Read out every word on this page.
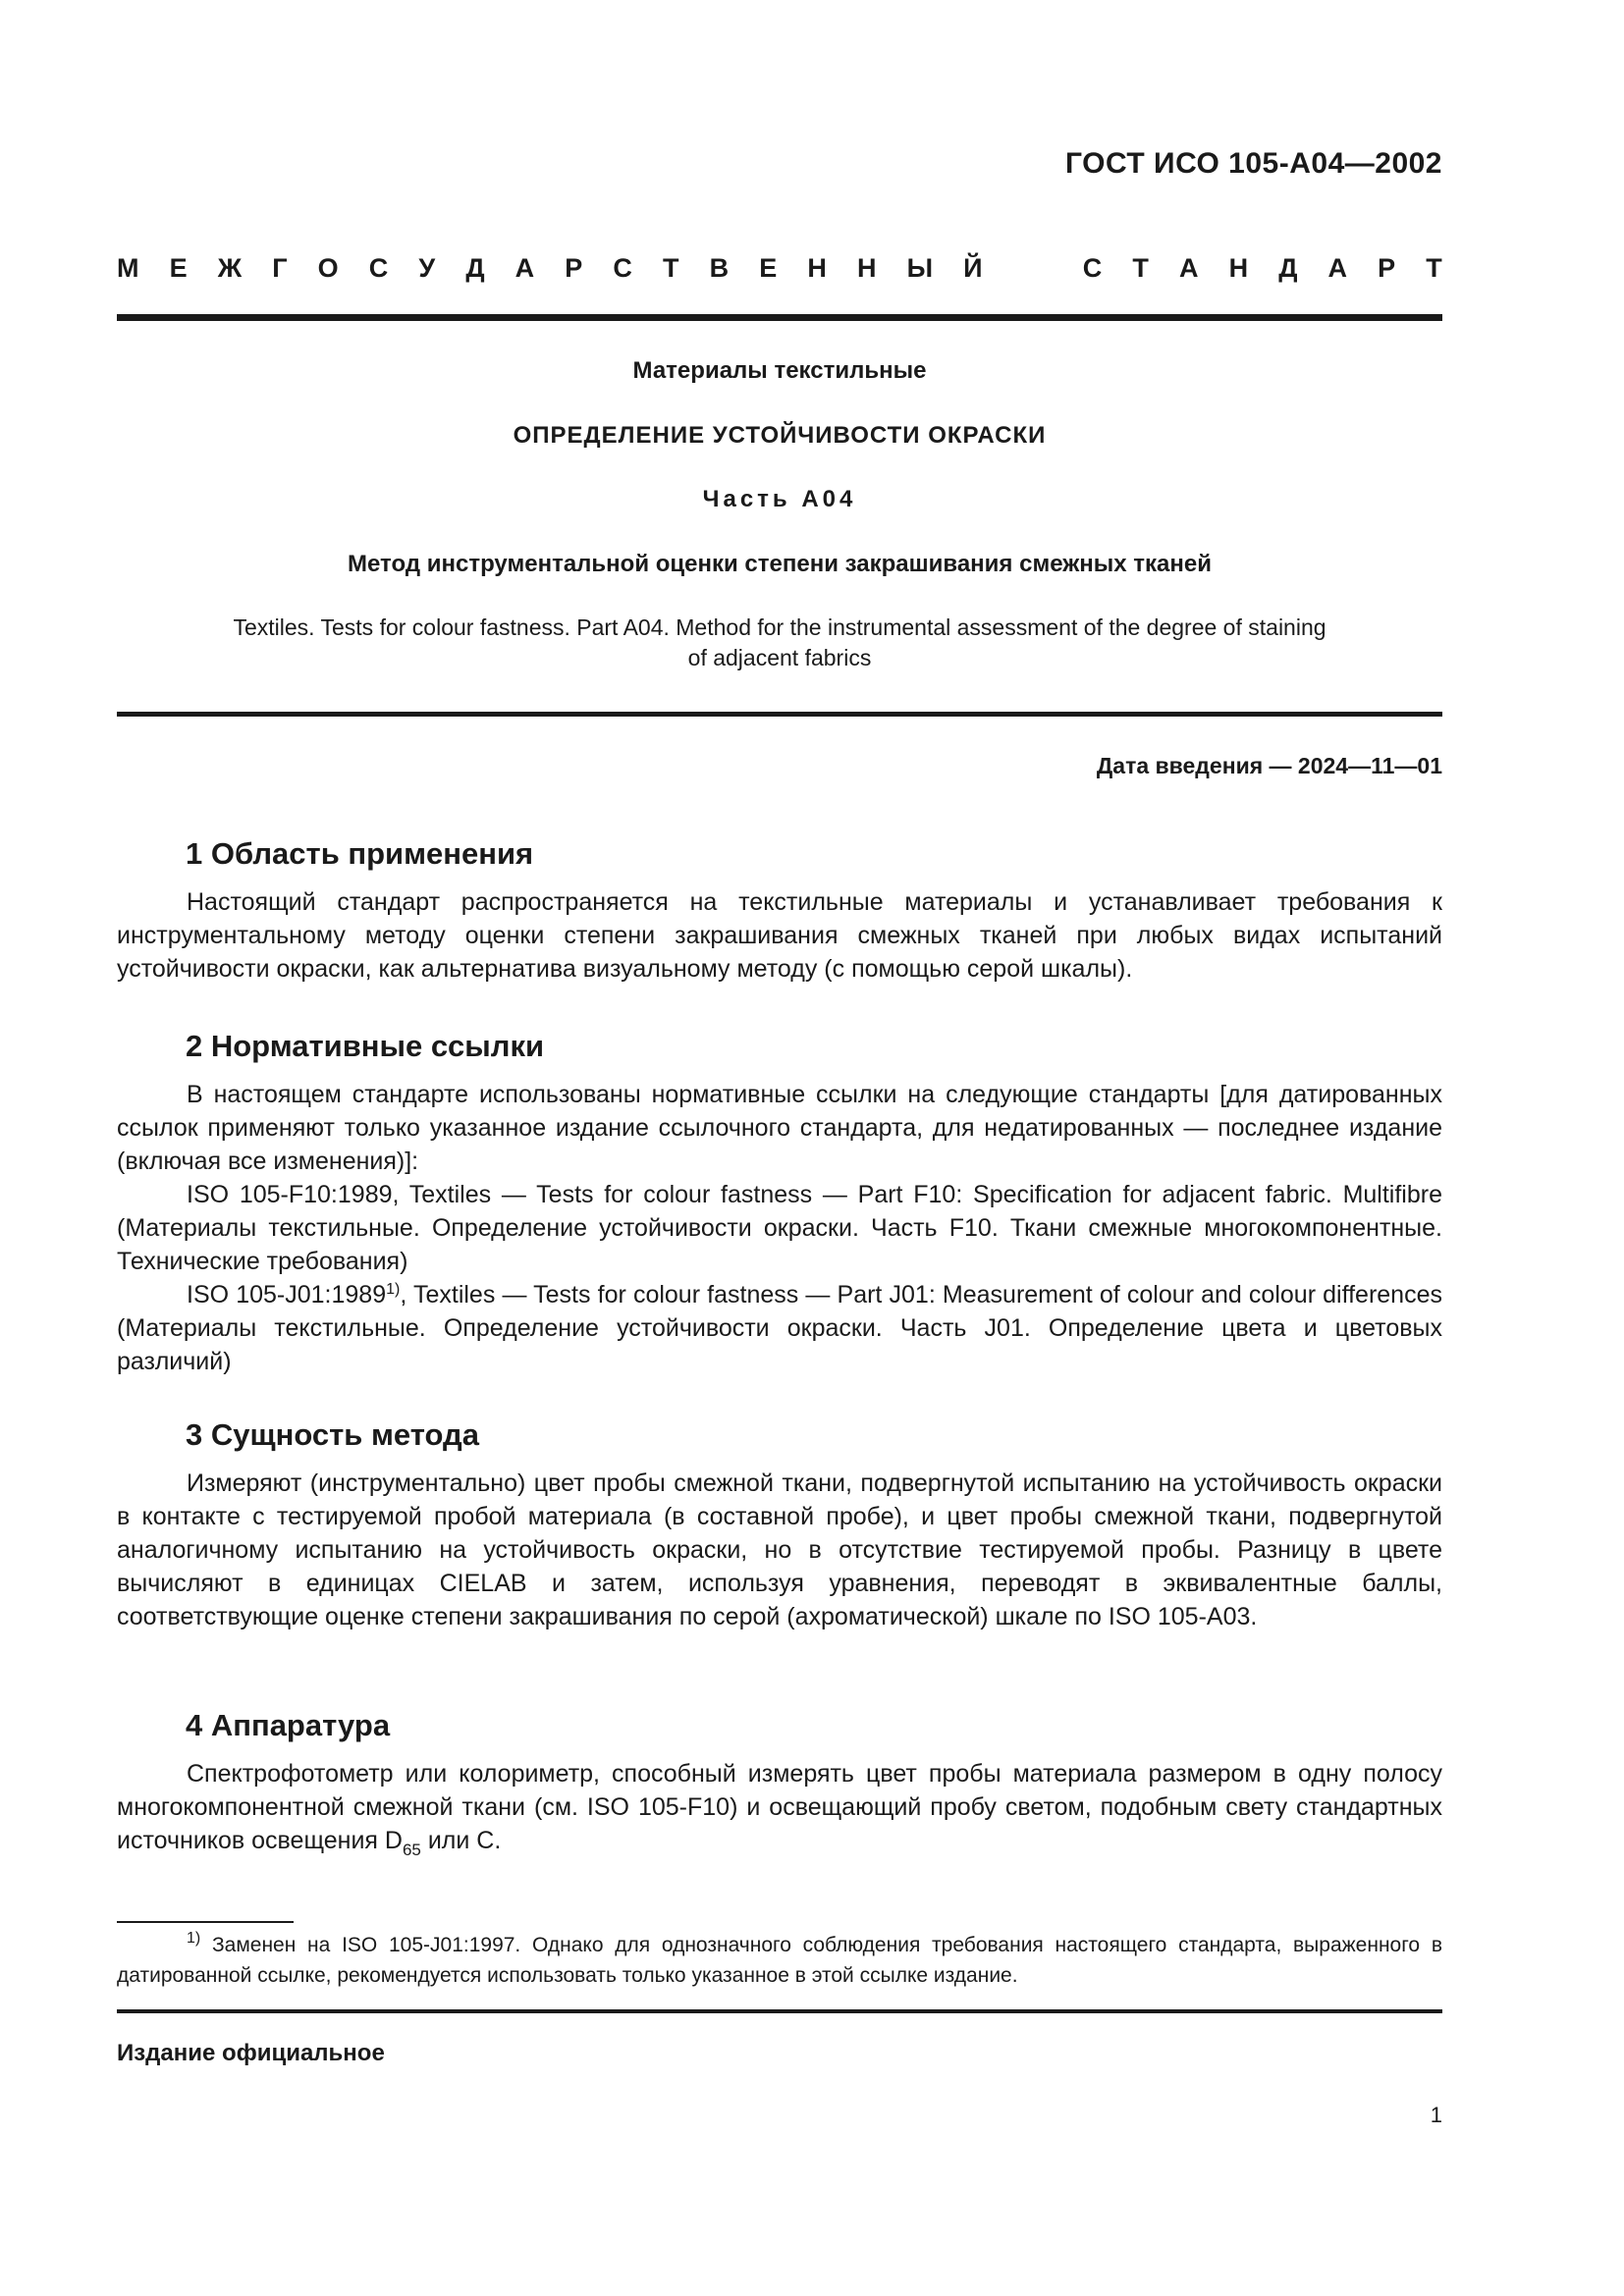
ГОСТ ИСО 105-A04—2002
М Е Ж Г О С У Д А Р С Т В Е Н Н Ы Й	С Т А Н Д А Р Т
Материалы текстильные
ОПРЕДЕЛЕНИЕ УСТОЙЧИВОСТИ ОКРАСКИ
Часть A04
Метод инструментальной оценки степени закрашивания смежных тканей
Textiles. Tests for colour fastness. Part A04. Method for the instrumental assessment of the degree of staining
of adjacent fabrics
Дата введения — 2024—11—01
1 Область применения

Настоящий стандарт распространяется на текстильные материалы и устанавливает требования к инструментальному методу оценки степени закрашивания смежных тканей при любых видах испытаний устойчивости окраски, как альтернатива визуальному методу (с помощью серой шкалы).

2 Нормативные ссылки

В настоящем стандарте использованы нормативные ссылки на следующие стандарты [для датированных ссылок применяют только указанное издание ссылочного стандарта, для недатированных — последнее издание (включая все изменения)]:

ISO 105-F10:1989, Textiles — Tests for colour fastness — Part F10: Specification for adjacent fabric. Multifibre (Материалы текстильные. Определение устойчивости окраски. Часть F10. Ткани смежные многокомпонентные. Технические требования)

ISO 105-J01:1989$^{1)}$, Textiles — Tests for colour fastness — Part J01: Measurement of colour and colour differences (Материалы текстильные. Определение устойчивости окраски. Часть J01. Определение цвета и цветовых различий)

3 Сущность метода

Измеряют (инструментально) цвет пробы смежной ткани, подвергнутой испытанию на устойчивость окраски в контакте с тестируемой пробой материала (в составной пробе), и цвет пробы смежной ткани, подвергнутой аналогичному испытанию на устойчивость окраски, но в отсутствие тестируемой пробы. Разницу в цвете вычисляют в единицах CIELAB и затем, используя уравнения, переводят в эквивалентные баллы, соответствующие оценке степени закрашивания по серой (ахроматической) шкале по ISO 105-A03.

4 Аппаратура

Спектрофотометр или колориметр, способный измерять цвет пробы материала размером в одну полосу многокомпонентной смежной ткани (см. ISO 105-F10) и освещающий пробу светом, подобным свету стандартных источников освещения $D_{65}$ или C.

$^{1)}$ Заменен на ISO 105-J01:1997. Однако для однозначного соблюдения требования настоящего стандарта, выраженного в датированной ссылке, рекомендуется использовать только указанное в этой ссылке издание.

Издание официальное
1
